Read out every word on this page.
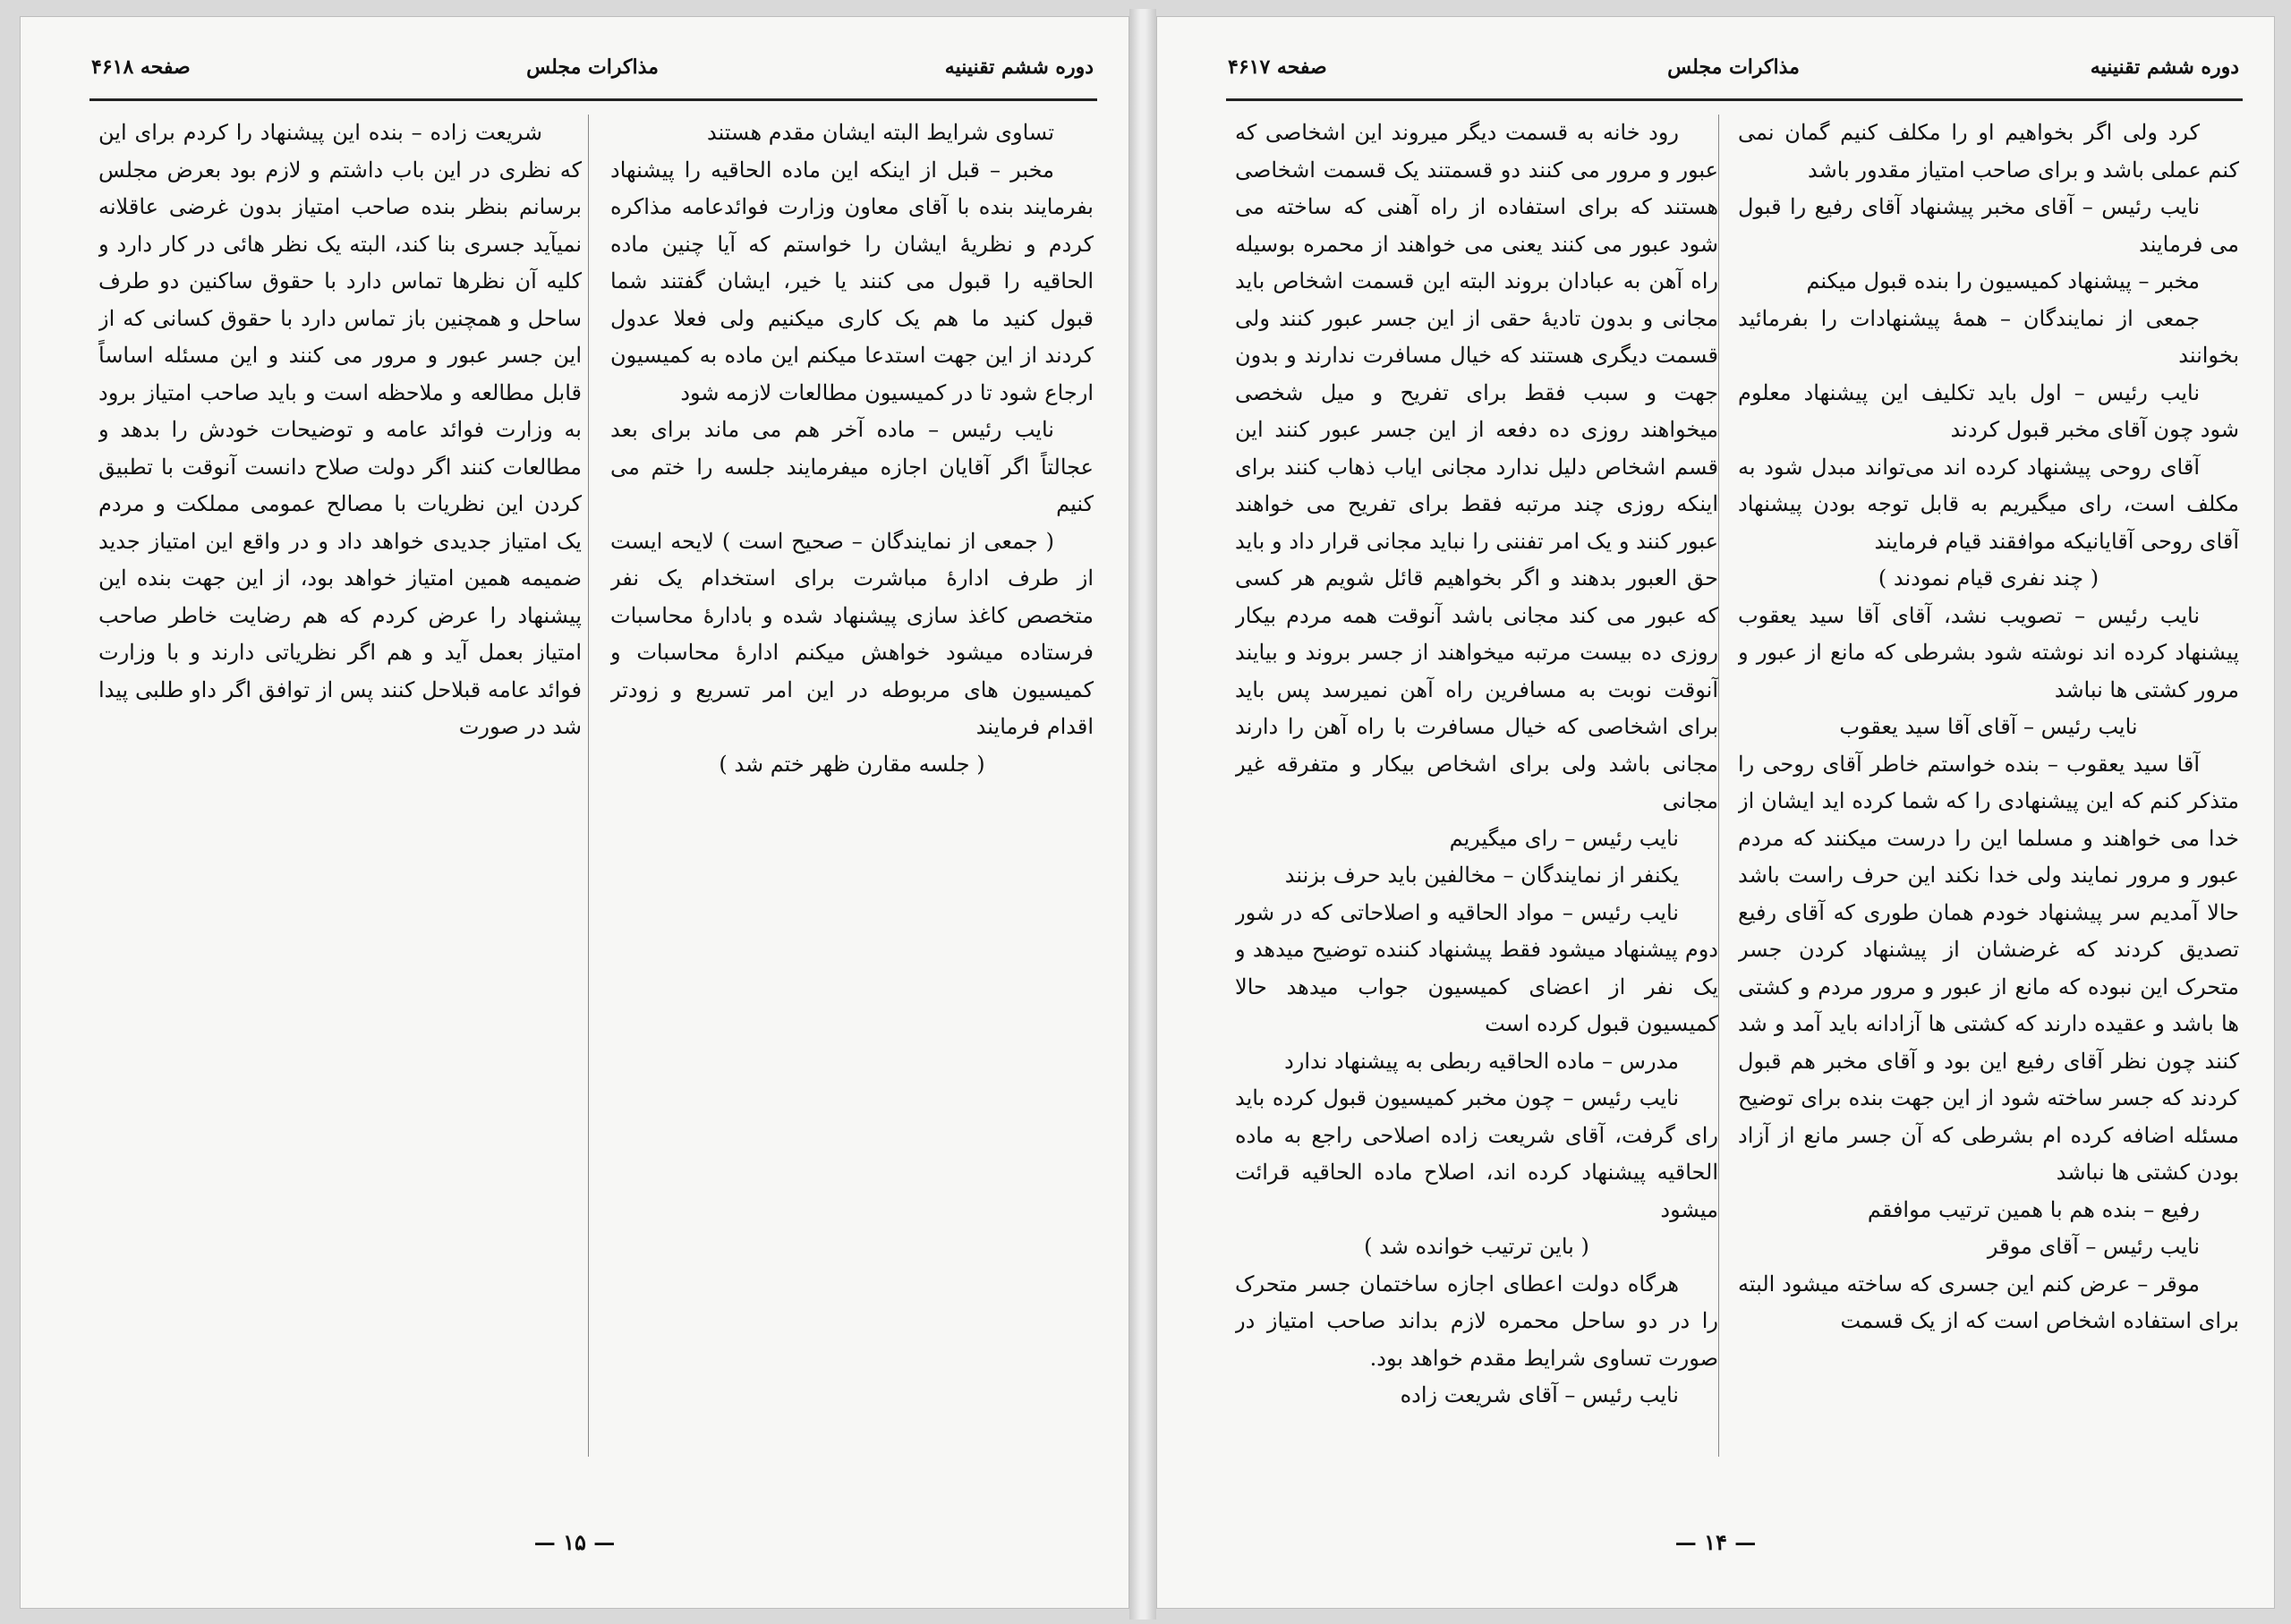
دوره ششم تقنینیه
مذاکرات مجلس
صفحه ۴۶۱۸

تساوی شرایط البته ایشان مقدم هستند

مخبر – قبل از اینکه این ماده الحاقیه را پیشنهاد بفرمایند بنده با آقای معاون وزارت فوائدعامه مذاکره کردم و نظریهٔ ایشان را خواستم که آیا چنین ماده الحاقیه را قبول می کنند یا خیر، ایشان گفتند شما قبول کنید ما هم یک کاری میکنیم ولی فعلا عدول کردند از این جهت استدعا میکنم این ماده به کمیسیون ارجاع شود تا در کمیسیون مطالعات لازمه شود

نایب رئیس – ماده آخر هم می ماند برای بعد عجالتاً اگر آقایان اجازه میفرمایند جلسه را ختم می کنیم

( جمعی از نمایندگان – صحیح است ) لایحه ایست از طرف ادارهٔ مباشرت برای استخدام یک نفر متخصص کاغذ سازی پیشنهاد شده و بادارهٔ محاسبات فرستاده میشود خواهش میکنم ادارهٔ محاسبات و کمیسیون های مربوطه در این امر تسریع و زودتر اقدام فرمایند

( جلسه مقارن ظهر ختم شد )

شریعت زاده – بنده این پیشنهاد را کردم برای این که نظری در این باب داشتم و لازم بود بعرض مجلس برسانم بنظر بنده صاحب امتیاز بدون غرضی عاقلانه نمیآید جسری بنا کند، البته یک نظر هائی در کار دارد و کلیه آن نظرها تماس دارد با حقوق ساکنین دو طرف ساحل و همچنین باز تماس دارد با حقوق کسانی که از این جسر عبور و مرور می کنند و این مسئله اساساً قابل مطالعه و ملاحظه است و باید صاحب امتیاز برود به وزارت فوائد عامه و توضیحات خودش را بدهد و مطالعات کنند اگر دولت صلاح دانست آنوقت با تطبیق کردن این نظریات با مصالح عمومی مملکت و مردم یک امتیاز جدیدی خواهد داد و در واقع این امتیاز جدید ضمیمه همین امتیاز خواهد بود، از این جهت بنده این پیشنهاد را عرض کردم که هم رضایت خاطر صاحب امتیاز بعمل آید و هم اگر نظریاتی دارند و با وزارت فوائد عامه قبلاحل کنند پس از توافق اگر داو طلبی پیدا شد در صورت

— ۱۵ —
دوره ششم تقنینیه
مذاکرات مجلس
صفحه ۴۶۱۷

کرد ولی اگر بخواهیم او را مکلف کنیم گمان نمی کنم عملی باشد و برای صاحب امتیاز مقدور باشد

نایب رئیس – آقای مخبر پیشنهاد آقای رفیع را قبول می فرمایند

مخبر – پیشنهاد کمیسیون را بنده قبول میکنم

جمعی از نمایندگان – همهٔ پیشنهادات را بفرمائید بخوانند

نایب رئیس – اول باید تکلیف این پیشنهاد معلوم شود چون آقای مخبر قبول کردند

آقای روحی پیشنهاد کرده اند می‌تواند مبدل شود به مکلف است، رای میگیریم به قابل توجه بودن پیشنهاد آقای روحی آقایانیکه موافقند قیام فرمایند

( چند نفری قیام نمودند )

نایب رئیس – تصویب نشد، آقای آقا سید یعقوب پیشنهاد کرده اند نوشته شود بشرطی که مانع از عبور و مرور کشتی ها نباشد

نایب رئیس – آقای آقا سید یعقوب

آقا سید یعقوب – بنده خواستم خاطر آقای روحی را متذکر کنم که این پیشنهادی را که شما کرده اید ایشان از خدا می خواهند و مسلما این را درست میکنند که مردم عبور و مرور نمایند ولی خدا نکند این حرف راست باشد حالا آمدیم سر پیشنهاد خودم همان طوری که آقای رفیع تصدیق کردند که غرضشان از پیشنهاد کردن جسر متحرک این نبوده که مانع از عبور و مرور مردم و کشتی ها باشد و عقیده دارند که کشتی ها آزادانه باید آمد و شد کنند چون نظر آقای رفیع این بود و آقای مخبر هم قبول کردند که جسر ساخته شود از این جهت بنده برای توضیح مسئله اضافه کرده ام بشرطی که آن جسر مانع از آزاد بودن کشتی ها نباشد

رفیع – بنده هم با همین ترتیب موافقم

نایب رئیس – آقای موقر

موقر – عرض کنم این جسری که ساخته میشود البته برای استفاده اشخاص است که از یک قسمت

رود خانه به قسمت دیگر میروند این اشخاصی که عبور و مرور می کنند دو قسمتند یک قسمت اشخاصی هستند که برای استفاده از راه آهنی که ساخته می شود عبور می کنند یعنی می خواهند از محمره بوسیله راه آهن به عبادان بروند البته این قسمت اشخاص باید مجانی و بدون تادیهٔ حقی از این جسر عبور کنند ولی قسمت دیگری هستند که خیال مسافرت ندارند و بدون جهت و سبب فقط برای تفریح و میل شخصی میخواهند روزی ده دفعه از این جسر عبور کنند این قسم اشخاص دلیل ندارد مجانی ایاب ذهاب کنند برای اینکه روزی چند مرتبه فقط برای تفریح می خواهند عبور کنند و یک امر تفننی را نباید مجانی قرار داد و باید حق العبور بدهند و اگر بخواهیم قائل شویم هر کسی که عبور می کند مجانی باشد آنوقت همه مردم بیکار روزی ده بیست مرتبه میخواهند از جسر بروند و بیایند آنوقت نوبت به مسافرین راه آهن نمیرسد پس باید برای اشخاصی که خیال مسافرت با راه آهن را دارند مجانی باشد ولی برای اشخاص بیکار و متفرقه غیر مجانی

نایب رئیس – رای میگیریم

یکنفر از نمایندگان – مخالفین باید حرف بزنند

نایب رئیس – مواد الحاقیه و اصلاحاتی که در شور دوم پیشنهاد میشود فقط پیشنهاد کننده توضیح میدهد و یک نفر از اعضای کمیسیون جواب میدهد حالا کمیسیون قبول کرده است

مدرس – ماده الحاقیه ربطی به پیشنهاد ندارد

نایب رئیس – چون مخبر کمیسیون قبول کرده باید رای گرفت، آقای شریعت زاده اصلاحی راجع به ماده الحاقیه پیشنهاد کرده اند، اصلاح ماده الحاقیه قرائت میشود

( باین ترتیب خوانده شد )

هرگاه دولت اعطای اجازه ساختمان جسر متحرک را در دو ساحل محمره لازم بداند صاحب امتیاز در صورت تساوی شرایط مقدم خواهد بود.

نایب رئیس – آقای شریعت زاده

— ۱۴ —
